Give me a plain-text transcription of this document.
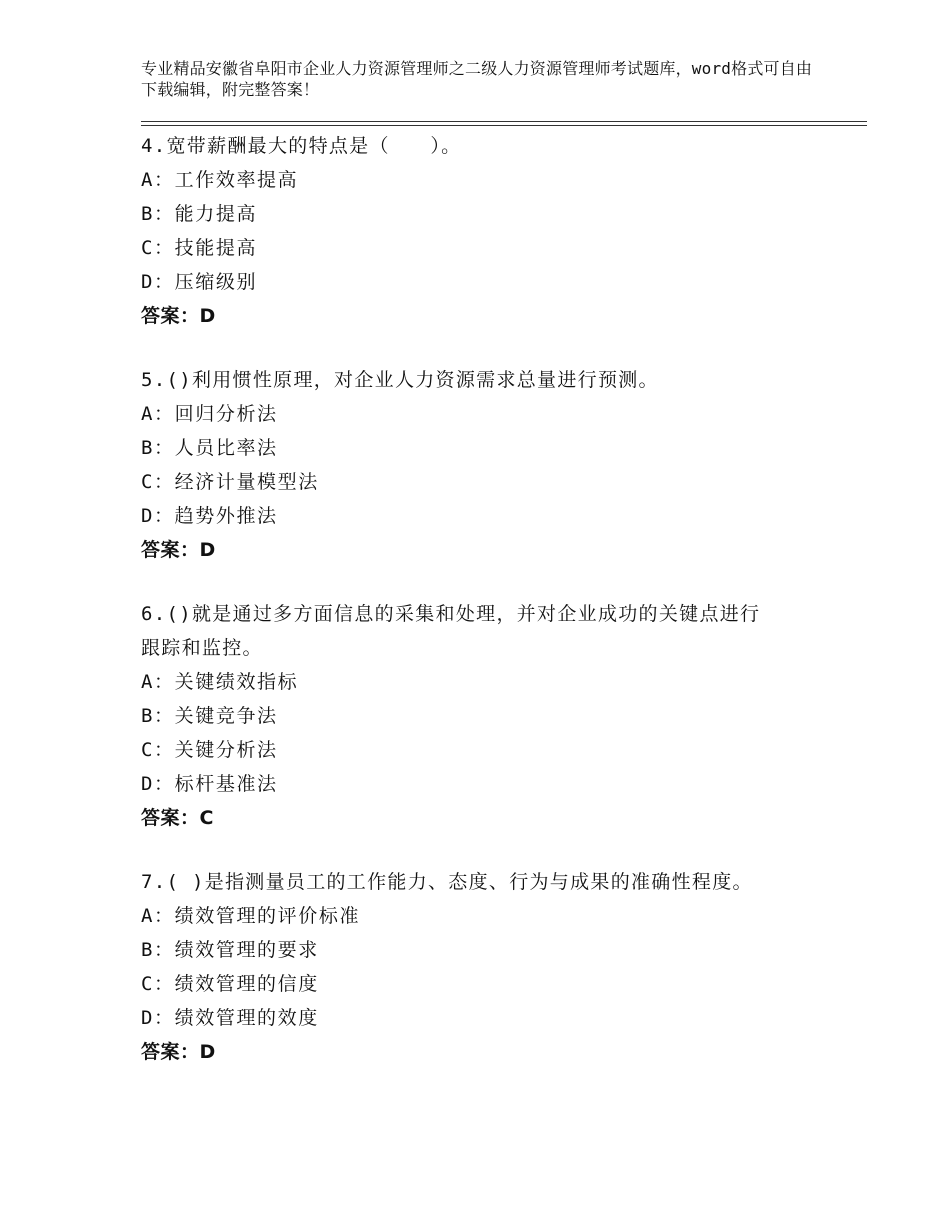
专业精品安徽省阜阳市企业人力资源管理师之二级人力资源管理师考试题库，word格式可自由下载编辑，附完整答案！

4.宽带薪酬最大的特点是（　　）。

A：工作效率提高

B：能力提高

C：技能提高

D：压缩级别

答案：D

5.()利用惯性原理，对企业人力资源需求总量进行预测。

A：回归分析法

B：人员比率法

C：经济计量模型法

D：趋势外推法

答案：D

6.()就是通过多方面信息的采集和处理，并对企业成功的关键点进行

跟踪和监控。

A：关键绩效指标

B：关键竞争法

C：关键分析法

D：标杆基准法

答案：C

7.( )是指测量员工的工作能力、态度、行为与成果的准确性程度。

A：绩效管理的评价标准

B：绩效管理的要求

C：绩效管理的信度

D：绩效管理的效度

答案：D
